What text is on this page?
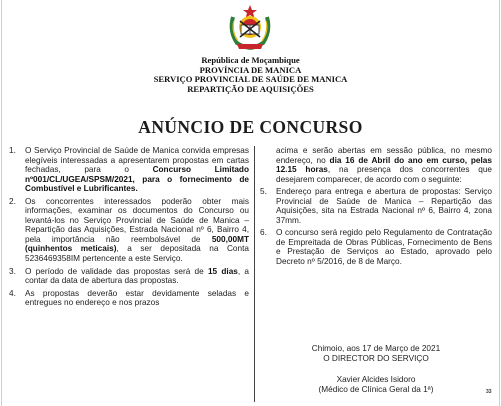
República de Moçambique
PROVÍNCIA DE MANICA
SERVIÇO PROVINCIAL DE SAÚDE DE MANICA
REPARTIÇÃO DE AQUISIÇÕES
ANÚNCIO DE CONCURSO
1. O Serviço Provincial de Saúde de Manica convida empresas elegíveis interessadas a apresentarem propostas em cartas fechadas, para o Concurso Limitado nº001/CL/UGEA/SPSM/2021, para o fornecimento de Combustível e Lubrificantes.
2. Os concorrentes interessados poderão obter mais informações, examinar os documentos do Concurso ou levantá-los no Serviço Provincial de Saúde de Manica – Repartição das Aquisições, Estrada Nacional nº 6, Bairro 4, pela importância não reembolsável de 500,00MT (quinhentos meticais), a ser depositada na Conta 5236469358IM pertencente a este Serviço.
3. O período de validade das propostas será de 15 dias, a contar da data de abertura das propostas.
4. As propostas deverão estar devidamente seladas e entregues no endereço e nos prazos
acima e serão abertas em sessão pública, no mesmo endereço, no dia 16 de Abril do ano em curso, pelas 12.15 horas, na presença dos concorrentes que desejarem comparecer, de acordo com o seguinte:
5. Endereço para entrega e abertura de propostas: Serviço Provincial de Saúde de Manica – Repartição das Aquisições, sita na Estrada Nacional nº 6, Bairro 4, zona 37mm.
6. O concurso será regido pelo Regulamento de Contratação de Empreitada de Obras Públicas, Fornecimento de Bens e Prestação de Serviços ao Estado, aprovado pelo Decreto nº 5/2016, de 8 de Março.
Chimoio, aos 17 de Março de 2021
O DIRECTOR DO SERVIÇO
Xavier Alcides Isidoro
(Médico de Clínica Geral da 1ª)	33
